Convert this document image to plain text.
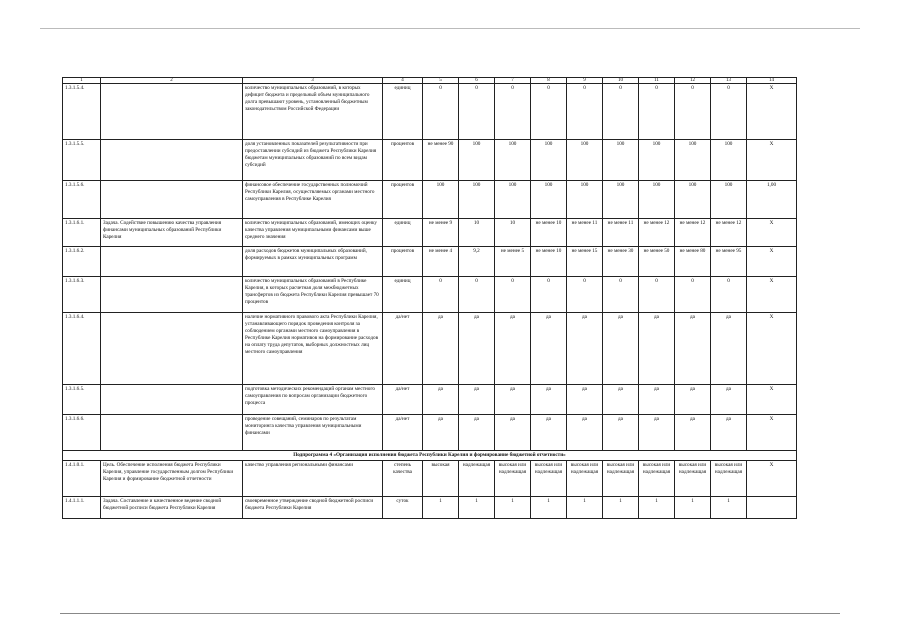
1	2	3	4	5	6	7	8	9	10	11	12	13	14
1.3.1.5.4.		количество муниципальных образований, в которых дефицит бюджета и предельный объем муниципального долга превышают уровень, установленный бюджетным законодательством Российской Федерации	единиц	0	0	0	0	0	0	0	0	0	Х
1.3.1.5.5.		доля установленных показателей результативности при предоставлении субсидий из бюджета Республики Карелия бюджетам муниципальных образований по всем видам субсидий	процентов	не менее 90	100	100	100	100	100	100	100	100	Х
1.3.1.5.6.		финансовое обеспечение государственных полномочий Республики Карелия, осуществляемых органами местного самоуправления в Республике Карелия	процентов	100	100	100	100	100	100	100	100	100	1,00
1.3.1.6.1.	Задача. Содействие повышению качества управления финансами муниципальных образований Республики Карелия	количество муниципальных образований, имеющих оценку качества управления муниципальными финансами выше среднего значения	единиц	не менее 9	10	10	не менее 10	не менее 11	не менее 11	не менее 12	не менее 12	не менее 12	Х
1.3.1.6.2.		доля расходов бюджетов муниципальных образований, формируемых в рамках муниципальных программ	процентов	не менее 4	9,2	не менее 5	не менее 10	не менее 15	не менее 30	не менее 50	не менее 80	не менее 95	Х
1.3.1.6.3.		количество муниципальных образований в Республике Карелия, в которых расчетная доля межбюджетных трансфертов из бюджета Республики Карелия превышает 70 процентов	единиц	0	0	0	0	0	0	0	0	0	Х
1.3.1.6.4.		наличие нормативного правового акта Республики Карелия, устанавливающего порядок проведения контроля за соблюдением органами местного самоуправления в Республике Карелия нормативов на формирование расходов на оплату труда депутатов, выборных должностных лиц местного самоуправления	да/нет	да	да	да	да	да	да	да	да	да	Х
1.3.1.6.5.		подготовка методических рекомендаций органам местного самоуправления по вопросам организации бюджетного процесса	да/нет	да	да	да	да	да	да	да	да	да	Х
1.3.1.6.6.		проведение совещаний, семинаров по результатам мониторинга качества управления муниципальными финансами	да/нет	да	да	да	да	да	да	да	да	да	Х
Подпрограмма 4 «Организация исполнения бюджета Республики Карелия и формирование бюджетной отчетности»													
1.4.1.0.1.	Цель. Обеспечение исполнения бюджета Республики Карелия, управление государственным долгом Республики Карелия и формирование бюджетной отчетности	качество управления региональными финансами	степень качества	высокая	надлежащая	высокая или надлежащая	высокая или надлежащая	высокая или надлежащая	высокая или надлежащая	высокая или надлежащая	высокая или надлежащая	высокая или надлежащая	Х
1.4.1.1.1.	Задача. Составление и качественное ведение сводной бюджетной росписи бюджета Республики Карелия	своевременное утверждение сводной бюджетной росписи бюджета Республики Карелия	суток	1	1	1	1	1	1	1	1	1	
